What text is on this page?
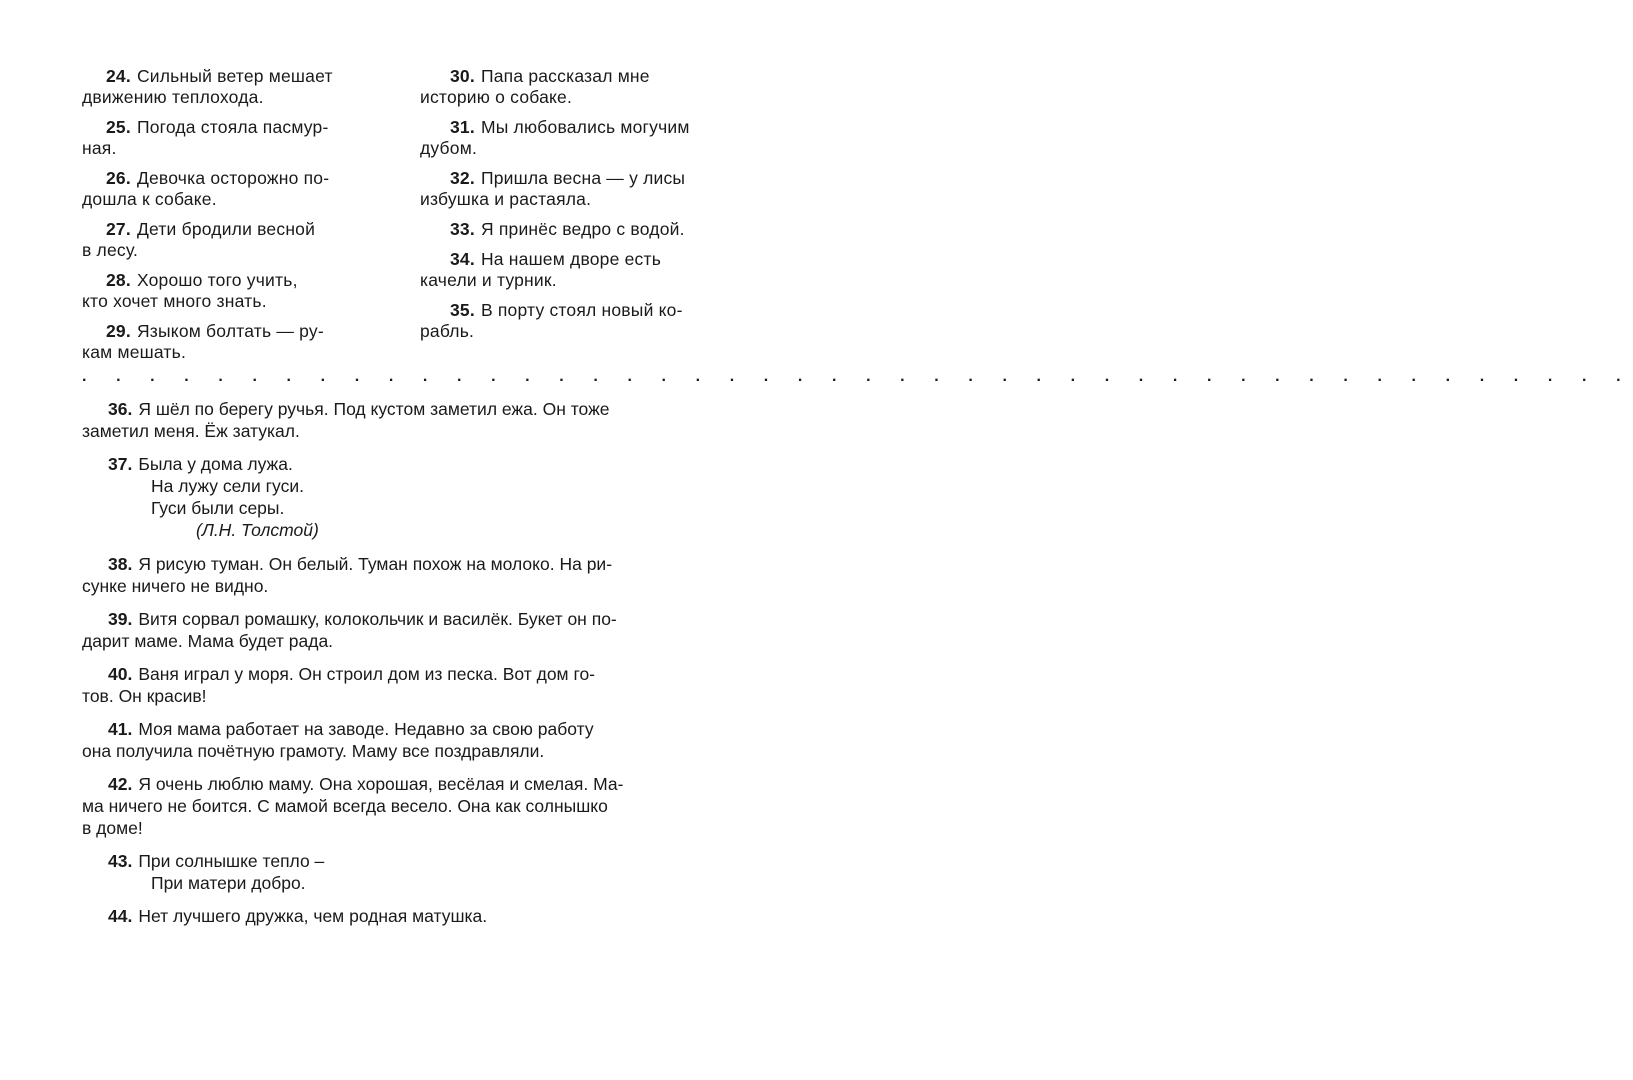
24. Сильный ветер мешает
движению теплохода.
25. Погода стояла пасмур-
ная.
26. Девочка осторожно по-
дошла к собаке.
27. Дети бродили весной
в лесу.
28. Хорошо того учить,
кто хочет много знать.
29. Языком болтать — ру-
кам мешать.
30. Папа рассказал мне
историю о собаке.
31. Мы любовались могучим
дубом.
32. Пришла весна — у лисы
избушка и растаяла.
33. Я принёс ведро с водой.
34. На нашем дворе есть
качели и турник.
35. В порту стоял новый ко-
рабль.
. . . . . . . . . . . . . . . . . . . . . . . . . . . . . . . . . . . . . . . . . . . . . .
36. Я шёл по берегу ручья. Под кустом заметил ежа. Он тоже
заметил меня. Ёж затукал.
37. Была у дома лужа.
На лужу сели гуси.
Гуси были серы.
(Л.Н. Толстой)
38. Я рисую туман. Он белый. Туман похож на молоко. На ри-
сунке ничего не видно.
39. Витя сорвал ромашку, колокольчик и василёк. Букет он по-
дарит маме. Мама будет рада.
40. Ваня играл у моря. Он строил дом из песка. Вот дом го-
тов. Он красив!
41. Моя мама работает на заводе. Недавно за свою работу
она получила почётную грамоту. Маму все поздравляли.
42. Я очень люблю маму. Она хорошая, весёлая и смелая. Ма-
ма ничего не боится. С мамой всегда весело. Она как солнышко
в доме!
43. При солнышке тепло –
При матери добро.
44. Нет лучшего дружка, чем родная матушка.
